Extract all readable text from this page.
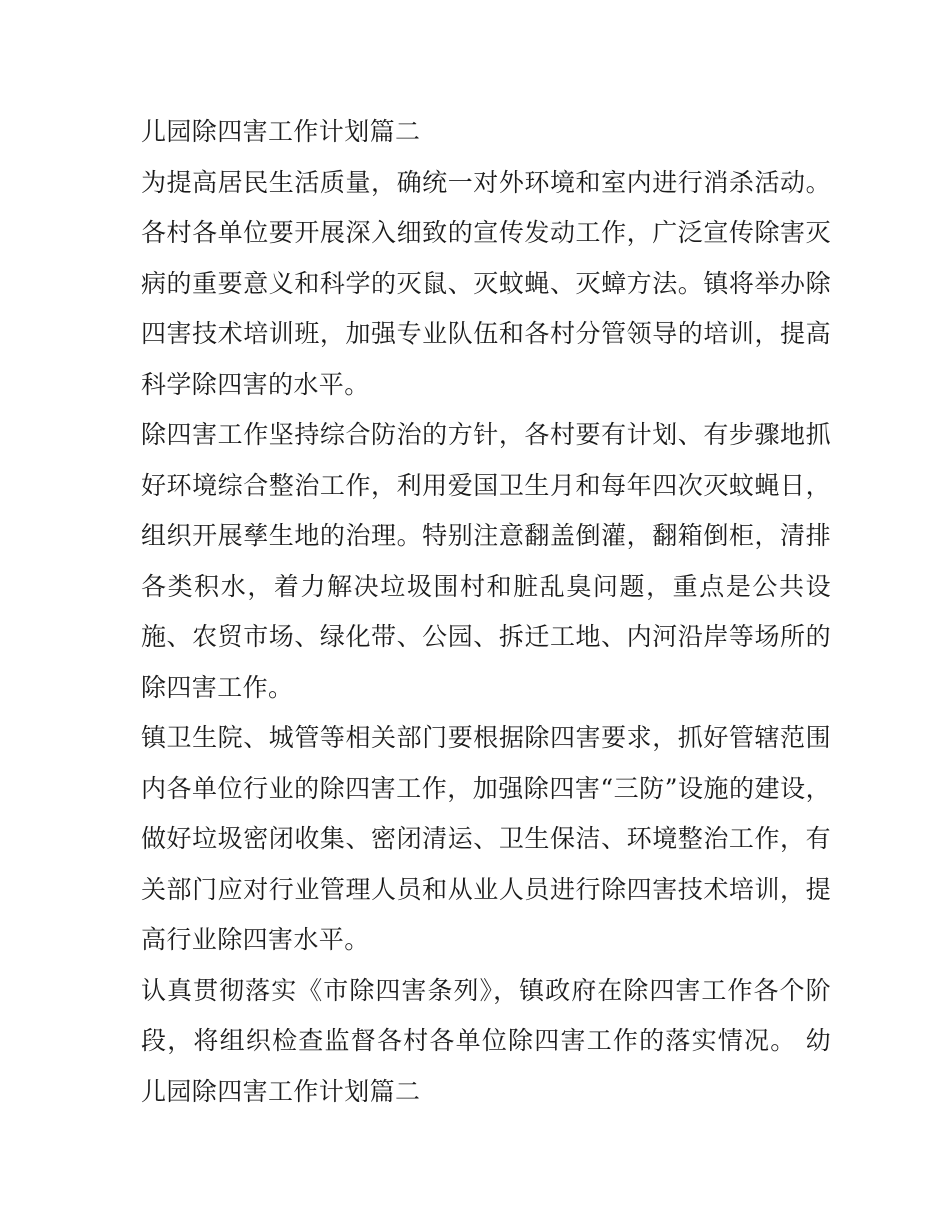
儿园除四害工作计划篇二

为提高居民生活质量，确统一对外环境和室内进行消杀活动。各村各单位要开展深入细致的宣传发动工作，广泛宣传除害灭病的重要意义和科学的灭鼠、灭蚊蝇、灭蟑方法。镇将举办除四害技术培训班，加强专业队伍和各村分管领导的培训，提高科学除四害的水平。

除四害工作坚持综合防治的方针，各村要有计划、有步骤地抓好环境综合整治工作，利用爱国卫生月和每年四次灭蚊蝇日，组织开展孳生地的治理。特别注意翻盖倒灌，翻箱倒柜，清排各类积水，着力解决垃圾围村和脏乱臭问题，重点是公共设施、农贸市场、绿化带、公园、拆迁工地、内河沿岸等场所的除四害工作。

镇卫生院、城管等相关部门要根据除四害要求，抓好管辖范围内各单位行业的除四害工作，加强除四害“三防”设施的建设，做好垃圾密闭收集、密闭清运、卫生保洁、环境整治工作，有关部门应对行业管理人员和从业人员进行除四害技术培训，提高行业除四害水平。

认真贯彻落实《市除四害条列》，镇政府在除四害工作各个阶段，将组织检查监督各村各单位除四害工作的落实情况。 幼儿园除四害工作计划篇二
